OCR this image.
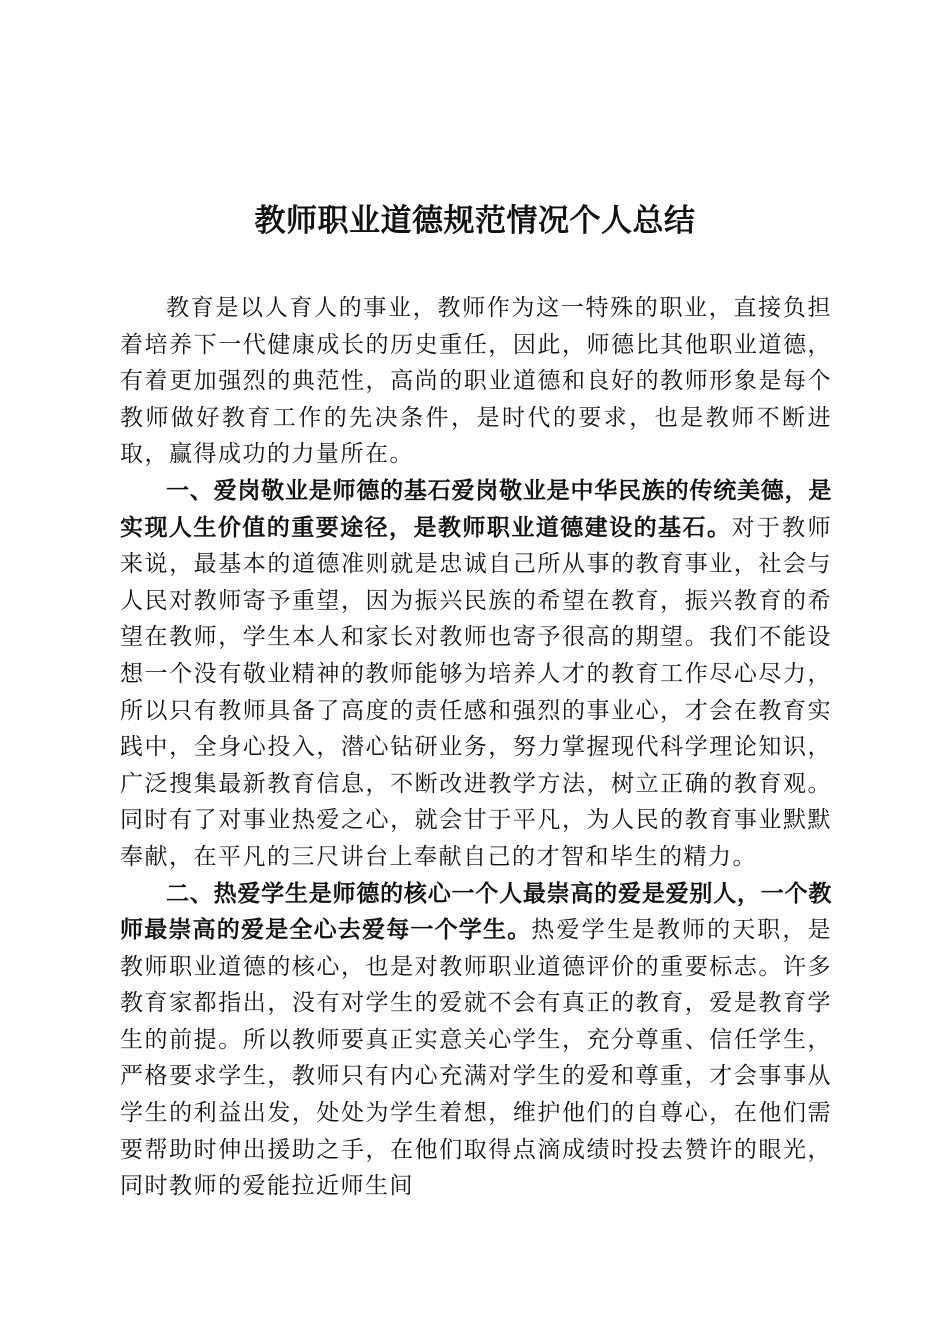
教师职业道德规范情况个人总结

教育是以人育人的事业，教师作为这一特殊的职业，直接负担着培养下一代健康成长的历史重任，因此，师德比其他职业道德，有着更加强烈的典范性，高尚的职业道德和良好的教师形象是每个教师做好教育工作的先决条件，是时代的要求，也是教师不断进取，赢得成功的力量所在。

一、爱岗敬业是师德的基石爱岗敬业是中华民族的传统美德，是实现人生价值的重要途径，是教师职业道德建设的基石。对于教师来说，最基本的道德准则就是忠诚自己所从事的教育事业，社会与人民对教师寄予重望，因为振兴民族的希望在教育，振兴教育的希望在教师，学生本人和家长对教师也寄予很高的期望。我们不能设想一个没有敬业精神的教师能够为培养人才的教育工作尽心尽力，所以只有教师具备了高度的责任感和强烈的事业心，才会在教育实践中，全身心投入，潜心钻研业务，努力掌握现代科学理论知识，广泛搜集最新教育信息，不断改进教学方法，树立正确的教育观。同时有了对事业热爱之心，就会甘于平凡，为人民的教育事业默默奉献，在平凡的三尺讲台上奉献自己的才智和毕生的精力。

二、热爱学生是师德的核心一个人最崇高的爱是爱别人，一个教师最崇高的爱是全心去爱每一个学生。热爱学生是教师的天职，是教师职业道德的核心，也是对教师职业道德评价的重要标志。许多教育家都指出，没有对学生的爱就不会有真正的教育，爱是教育学生的前提。所以教师要真正实意关心学生，充分尊重、信任学生，严格要求学生，教师只有内心充满对学生的爱和尊重，才会事事从学生的利益出发，处处为学生着想，维护他们的自尊心，在他们需要帮助时伸出援助之手，在他们取得点滴成绩时投去赞许的眼光，同时教师的爱能拉近师生间
